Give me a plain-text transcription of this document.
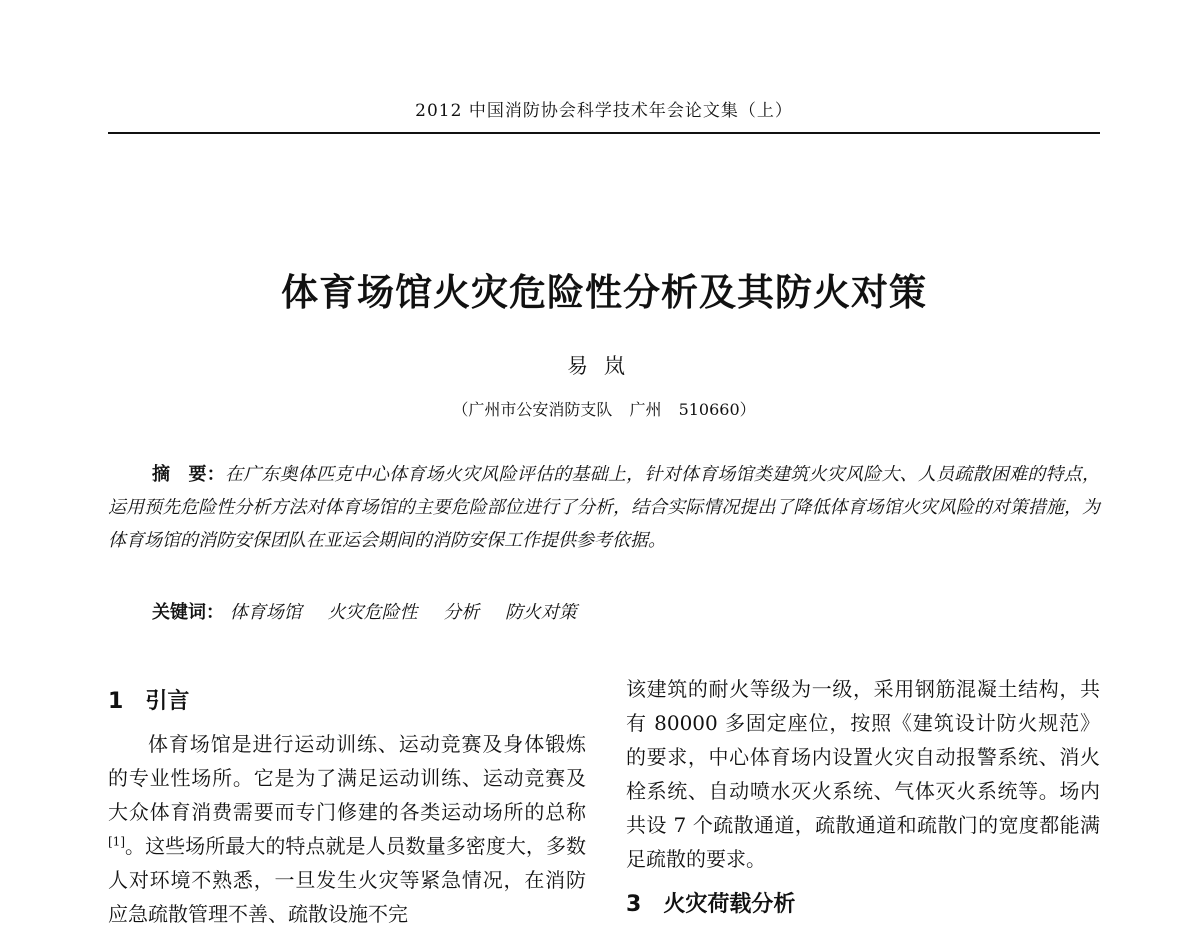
2012 中国消防协会科学技术年会论文集（上）
体育场馆火灾危险性分析及其防火对策
易岚
（广州市公安消防支队 广州 510660）
摘　要：在广东奥体匹克中心体育场火灾风险评估的基础上，针对体育场馆类建筑火灾风险大、人员疏散困难的特点，运用预先危险性分析方法对体育场馆的主要危险部位进行了分析，结合实际情况提出了降低体育场馆火灾风险的对策措施，为体育场馆的消防安保团队在亚运会期间的消防安保工作提供参考依据。
关键词： 体育场馆 火灾危险性 分析 防火对策
1 引言

体育场馆是进行运动训练、运动竞赛及身体锻炼的专业性场所。它是为了满足运动训练、运动竞赛及大众体育消费需要而专门修建的各类运动场所的总称[1]。这些场所最大的特点就是人员数量多密度大，多数人对环境不熟悉，一旦发生火灾等紧急情况，在消防应急疏散管理不善、疏散设施不完

该建筑的耐火等级为一级，采用钢筋混凝土结构，共有 80000 多固定座位，按照《建筑设计防火规范》的要求，中心体育场内设置火灾自动报警系统、消火栓系统、自动喷水灭火系统、气体灭火系统等。场内共设 7 个疏散通道，疏散通道和疏散门的宽度都能满足疏散的要求。

3 火灾荷载分析
